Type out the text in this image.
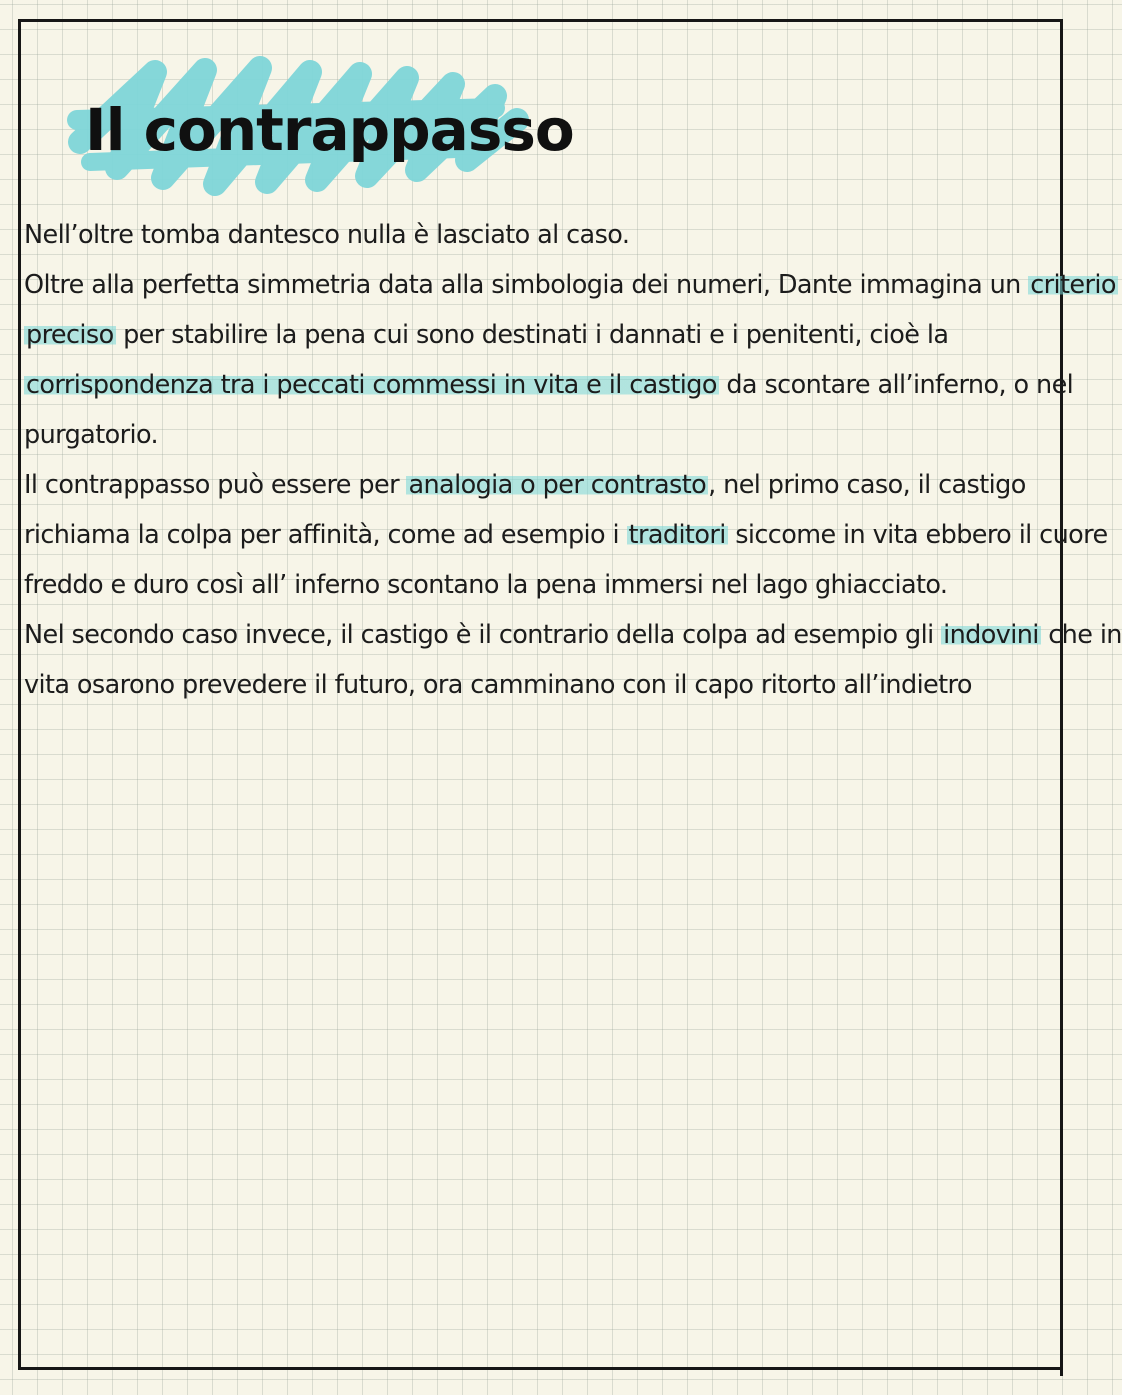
Il contrappasso
Nell’oltre tomba dantesco nulla è lasciato al caso.
Oltre alla perfetta simmetria data alla simbologia dei numeri, Dante immagina un criterio
preciso per stabilire la pena cui sono destinati i dannati e i penitenti, cioè la
corrispondenza tra i peccati commessi in vita e il castigo da scontare all’inferno, o nel
purgatorio.
Il contrappasso può essere per analogia o per contrasto, nel primo caso, il castigo
richiama la colpa per affinità, come ad esempio i traditori siccome in vita ebbero il cuore
freddo e duro così all’ inferno scontano la pena immersi nel lago ghiacciato.
Nel secondo caso invece, il castigo è il contrario della colpa ad esempio gli indovini che in
vita osarono prevedere il futuro, ora camminano con il capo ritorto all’indietro
